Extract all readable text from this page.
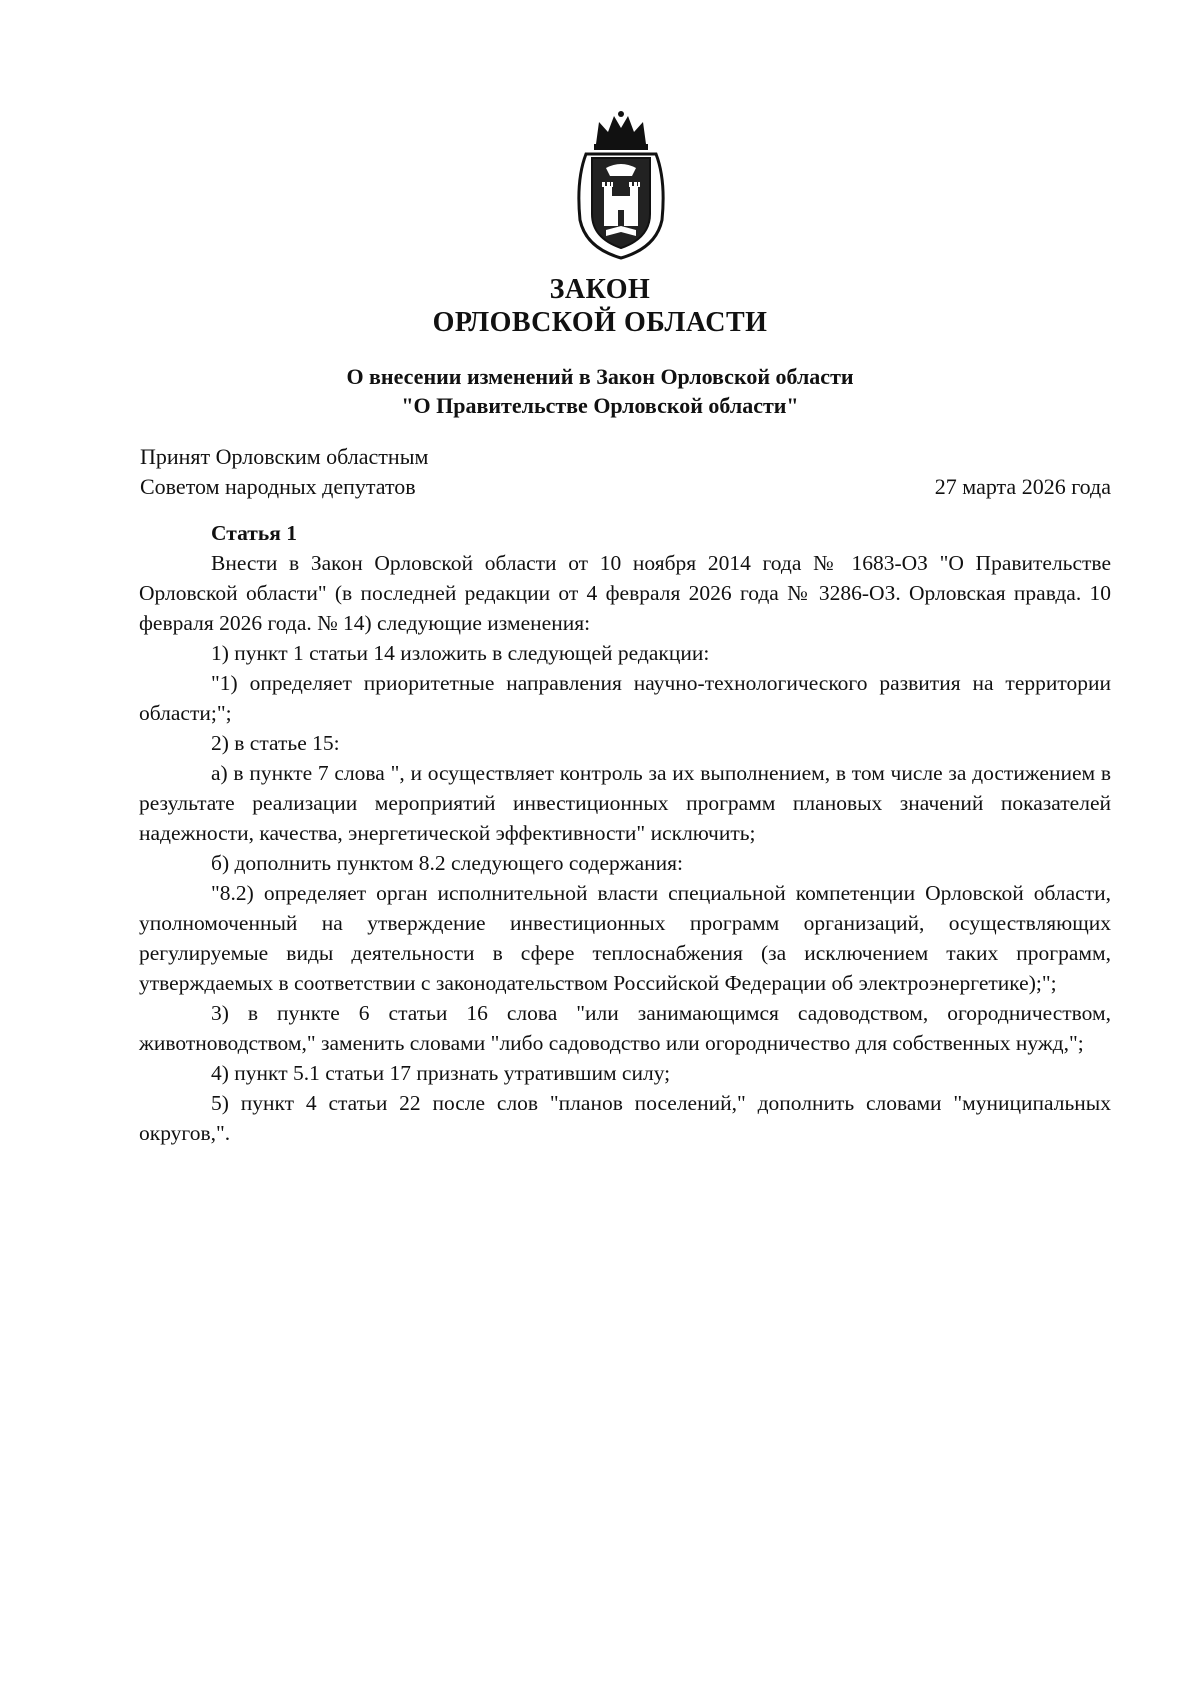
ЗАКОН
ОРЛОВСКОЙ ОБЛАСТИ
О внесении изменений в Закон Орловской области
"О Правительстве Орловской области"
Принят Орловским областным
Советом народных депутатов	27 марта 2026 года
Статья 1
Внести в Закон Орловской области от 10 ноября 2014 года № 1683-ОЗ "О Правительстве Орловской области" (в последней редакции от 4 февраля 2026 года № 3286-ОЗ. Орловская правда. 10 февраля 2026 года. № 14) следующие изменения:
1) пункт 1 статьи 14 изложить в следующей редакции:
"1) определяет приоритетные направления научно-технологического развития на территории области;";
2) в статье 15:
а) в пункте 7 слова ", и осуществляет контроль за их выполнением, в том числе за достижением в результате реализации мероприятий инвестиционных программ плановых значений показателей надежности, качества, энергетической эффективности" исключить;
б) дополнить пунктом 8.2 следующего содержания:
"8.2) определяет орган исполнительной власти специальной компетенции Орловской области, уполномоченный на утверждение инвестиционных программ организаций, осуществляющих регулируемые виды деятельности в сфере теплоснабжения (за исключением таких программ, утверждаемых в соответствии с законодательством Российской Федерации об электроэнергетике);";
3) в пункте 6 статьи 16 слова "или занимающимся садоводством, огородничеством, животноводством," заменить словами "либо садоводство или огородничество для собственных нужд,";
4) пункт 5.1 статьи 17 признать утратившим силу;
5) пункт 4 статьи 22 после слов "планов поселений," дополнить словами "муниципальных округов,".
